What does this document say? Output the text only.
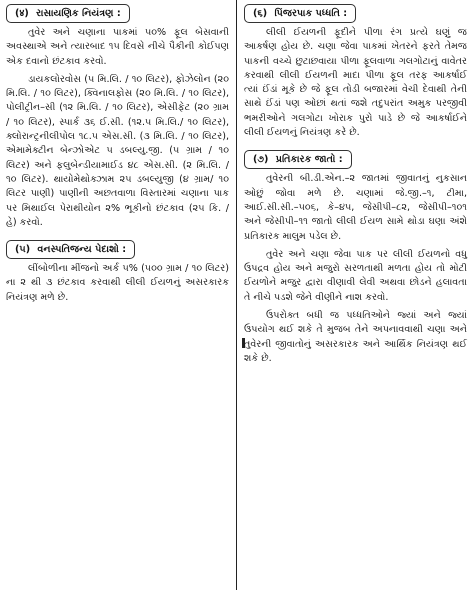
(४) રાસાયણિક નિયંત્રણ :

તુવેર અને ચણાના પાકમાં ૫૦% ફૂલ બેસવાની અવસ્થાએ અને ત્યારબાદ ૧૫ દિવસે નીચે પૈકીની કોઈપણ એક દવાનો છંટકાવ કરવો.

ડાયકલોરવોસ (૫ મિ.લિ. / ૧૦ લિટર), ફોઝેલોન (૨૦ મિ.લિ. / ૧૦ લિટર), ક્વિનાલફોસ (૨૦ મિ.લિ. / ૧૦ લિટર), પોલીટ્રીન–સી (૧૨ મિ.લિ. / ૧૦ લિટર), એસીફેટ (૨૦ ગ્રામ / ૧૦ લિટર), સ્પાર્ક ૩૬ ઈ.સી. (૧૨.૫ મિ.લિ./ ૧૦ લિટર), ક્લોરાન્ટ્રનીલીપોલ ૧૮.૫ એસ.સી. (૩ મિ.લિ. / ૧૦ લિટર), એમામેક્ટીન બેન્ઝોએટ ૫ ડબલ્યુ.જી. (૫ ગ્રામ / ૧૦ લિટર) અને ફલુબેન્ડીયામાઈડ ૪૮ એસ.સી. (૨ મિ.લિ. / ૧૦ લિટર). થાયોમેથોક્ઝામ ૨૫ ડબલ્યુજી (૪ ગ્રામ/ ૧૦ લિટર પાણી) પાણીની અછતવાળા વિસ્તારમાં ચણાના પાક પર મિથાઈલ પેરાથીયોન ૨% ભૂકીનો છંટકાવ (૨૫ કિ. / હે) કરવો.

(૫) વનસ્પતિજન્ય પેદાશો :

લીંબોળીના મીંજનો અર્ક ૫% (૫૦૦ ગ્રામ / ૧૦ લિટર) ના ૨ થી ૩ છંટકાવ કરવાથી લીલી ઈયળનું અસરકારક નિયંત્રણ મળે છે.

(૬) પિંજરપાક પધ્ધતિ :

લીલી ઈયળની ફૂદીને પીળા રંગ પ્રત્યે ઘણું જ આકર્ષણ હોય છે. ચણા જેવા પાકમાં ખેતરને ફરતે તેમજ પાકની વચ્ચે છુટાછવાયા પીળા ફૂલવાળા ગલગોટાનું વાવેતર કરવાથી લીલી ઈયળની માદા પીળા ફૂલ તરફ આકર્ષાઈ ત્યાં ઈંડાં મૂકે છે જે ફૂલ તોડી બજારમાં વેચી દેવાથી તેની સાથે ઈંડાં પણ ઓછાં થતાં જશે તદુપરાંત અમુક પરજીવી ભમરીઓને ગલગોટા ખોરાક પુરો પાડે છે જે આકર્ષાઈને લીલી ઈયળનું નિયંત્રણ કરે છે.

(૭) પ્રતિકારક જાતો :

તુવેરની બી.ડી.એન.–૨ જાતમાં જીવાતનું નુકસાન ઓછું જોવા મળે છે. ચણામાં જે.જી.–૧, ટીમા, આઈ.સી.સી.–૫૦૬, કે–૪૫, જેસીપી–૮૨, જેસીપી–૧૦૧ અને જેસીપી–૧૧ જાતો લીલી ઈયળ સામે થોડા ઘણા અંશે પ્રતિકારક માલુમ પડેલ છે.

તુવેર અને ચણા જેવા પાક પર લીલી ઈયળનો વધુ ઉપદ્રવ હોય અને મજુરો સરળતાથી મળતા હોય તો મોટી ઈયળોને મજુર દ્વારા વીણાવી લેવી અથવા છોડને હલાવતા તે નીચે પડશે જેને વીણીને નાશ કરવો.

ઉપરોક્ત બધી જ પધ્ધતિઓને જ્યાં અને જ્યાં ઉપયોગ થઈ શકે તે મુજબ તેને અપનાવવાથી ચણા અને તુવેરની જીવાતોનું અસરકારક અને આર્થિક નિયંત્રણ થઈ શકે છે.
